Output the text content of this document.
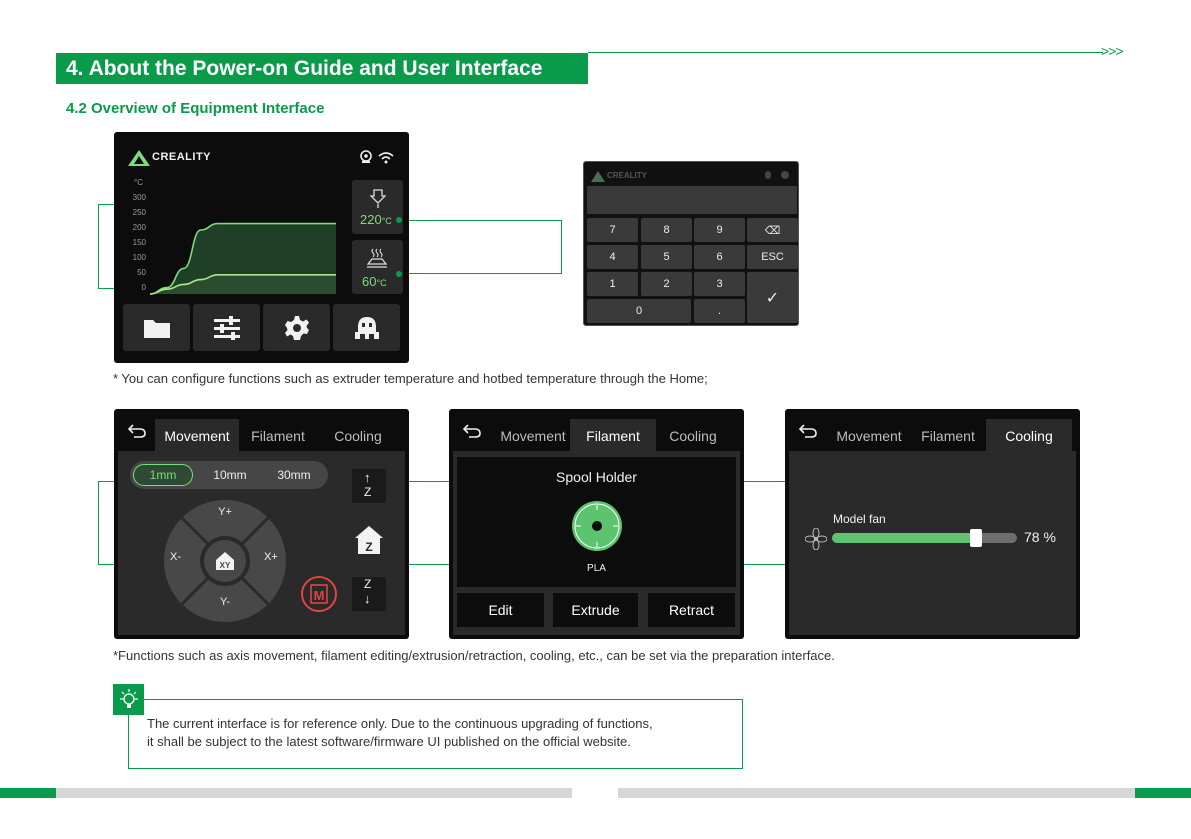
4. About the Power-on Guide and User Interface
>>>
4.2 Overview of Equipment Interface
CREALITY
°C
300
250
200
150
100
50
0
220°C
60°C
CREALITY
7	8	9	⌫
4	5	6	ESC
1	2	3
0	.
✓
* You can configure functions such as extruder temperature and hotbed temperature through the Home;
Movement	Filament	Cooling
1mm	10mm	30mm
Y+
Y-
X-	X+
XY
↑
Z
Z
Z
↓
M
Movement	Filament	Cooling
Spool Holder
PLA
Edit	Extrude	Retract
Movement	Filament	Cooling
Model fan
78 %
*Functions such as axis movement, filament editing/extrusion/retraction, cooling, etc., can be set via the preparation interface.
The current interface is for reference only. Due to the continuous upgrading of functions,
it shall be subject to the latest software/firmware UI published on the official website.
